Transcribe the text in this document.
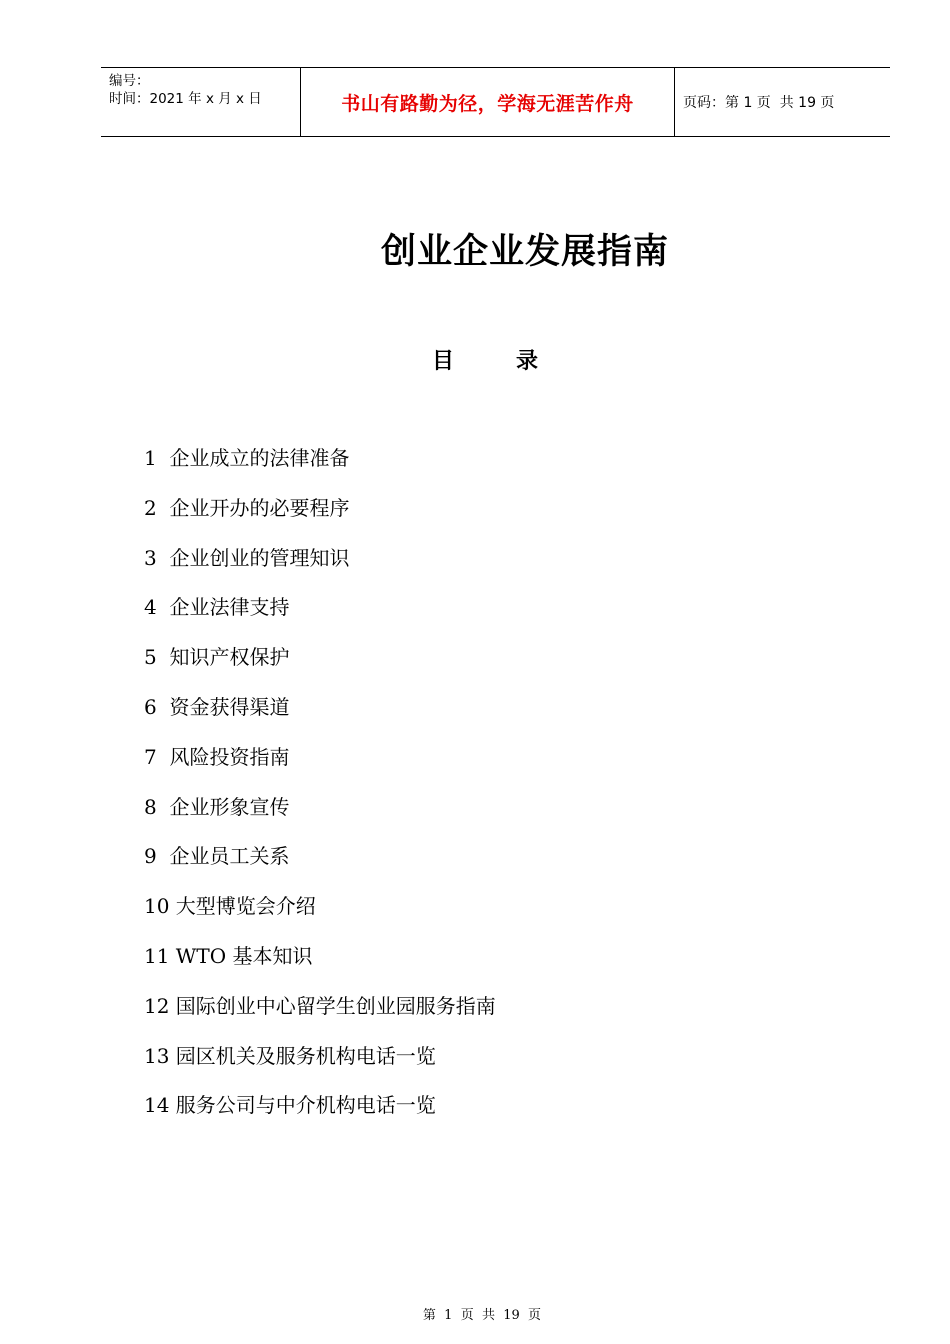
编号：
时间：2021 年 x 月 x 日	书山有路勤为径，学海无涯苦作舟	页码：第 1 页  共 19 页
创业企业发展指南
目	录
1  企业成立的法律准备
2  企业开办的必要程序
3  企业创业的管理知识
4  企业法律支持
5  知识产权保护
6  资金获得渠道
7  风险投资指南
8  企业形象宣传
9  企业员工关系
10 大型博览会介绍
11 WTO 基本知识
12 国际创业中心留学生创业园服务指南
13 园区机关及服务机构电话一览
14 服务公司与中介机构电话一览
第  1  页  共  19  页
